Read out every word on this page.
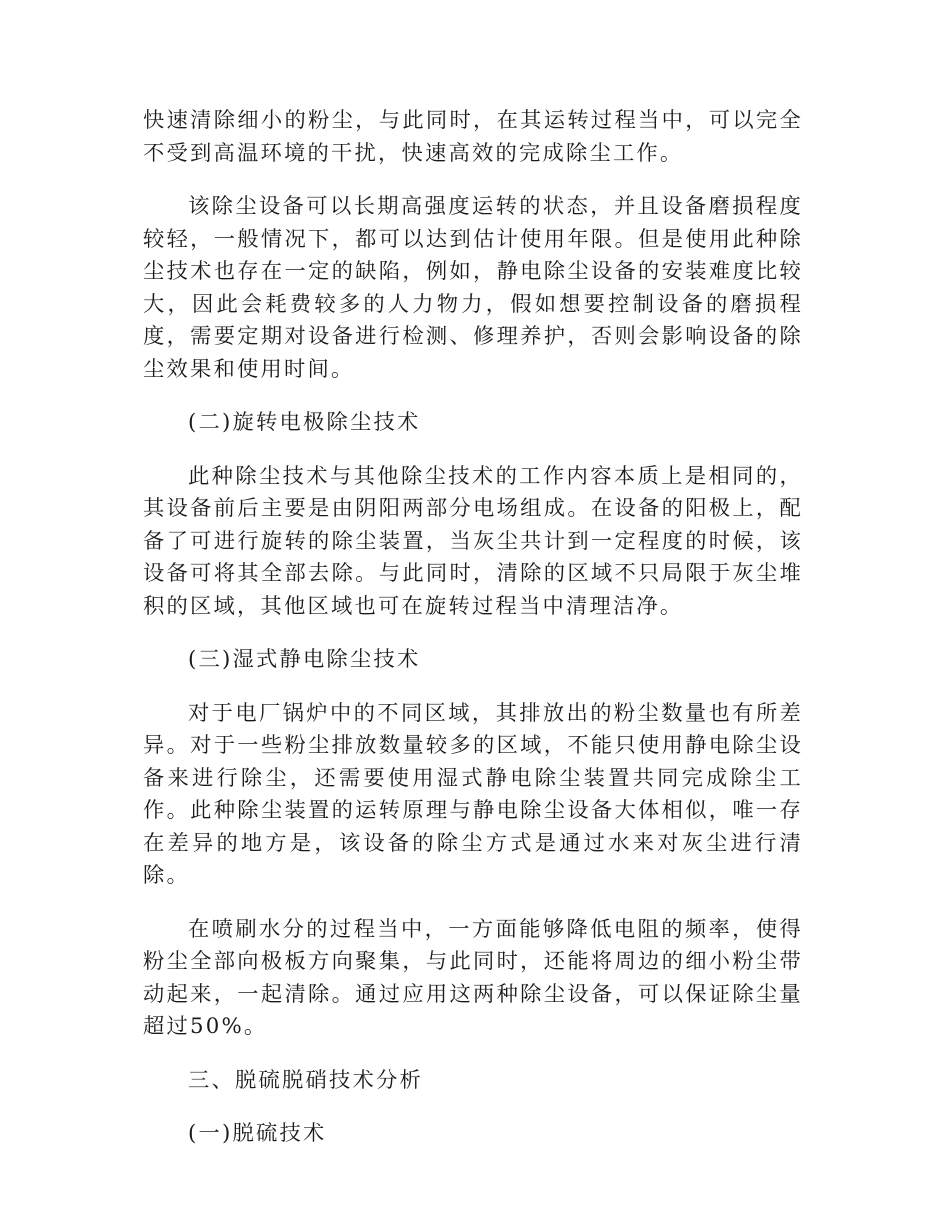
快速清除细小的粉尘，与此同时，在其运转过程当中，可以完全不受到高温环境的干扰，快速高效的完成除尘工作。

该除尘设备可以长期高强度运转的状态，并且设备磨损程度较轻，一般情况下，都可以达到估计使用年限。但是使用此种除尘技术也存在一定的缺陷，例如，静电除尘设备的安装难度比较大，因此会耗费较多的人力物力，假如想要控制设备的磨损程度，需要定期对设备进行检测、修理养护，否则会影响设备的除尘效果和使用时间。

(二)旋转电极除尘技术

此种除尘技术与其他除尘技术的工作内容本质上是相同的，其设备前后主要是由阴阳两部分电场组成。在设备的阳极上，配备了可进行旋转的除尘装置，当灰尘共计到一定程度的时候，该设备可将其全部去除。与此同时，清除的区域不只局限于灰尘堆积的区域，其他区域也可在旋转过程当中清理洁净。

(三)湿式静电除尘技术

对于电厂锅炉中的不同区域，其排放出的粉尘数量也有所差异。对于一些粉尘排放数量较多的区域，不能只使用静电除尘设备来进行除尘，还需要使用湿式静电除尘装置共同完成除尘工作。此种除尘装置的运转原理与静电除尘设备大体相似，唯一存在差异的地方是，该设备的除尘方式是通过水来对灰尘进行清除。

在喷刷水分的过程当中，一方面能够降低电阻的频率，使得粉尘全部向极板方向聚集，与此同时，还能将周边的细小粉尘带动起来，一起清除。通过应用这两种除尘设备，可以保证除尘量超过50%。

三、脱硫脱硝技术分析

(一)脱硫技术
